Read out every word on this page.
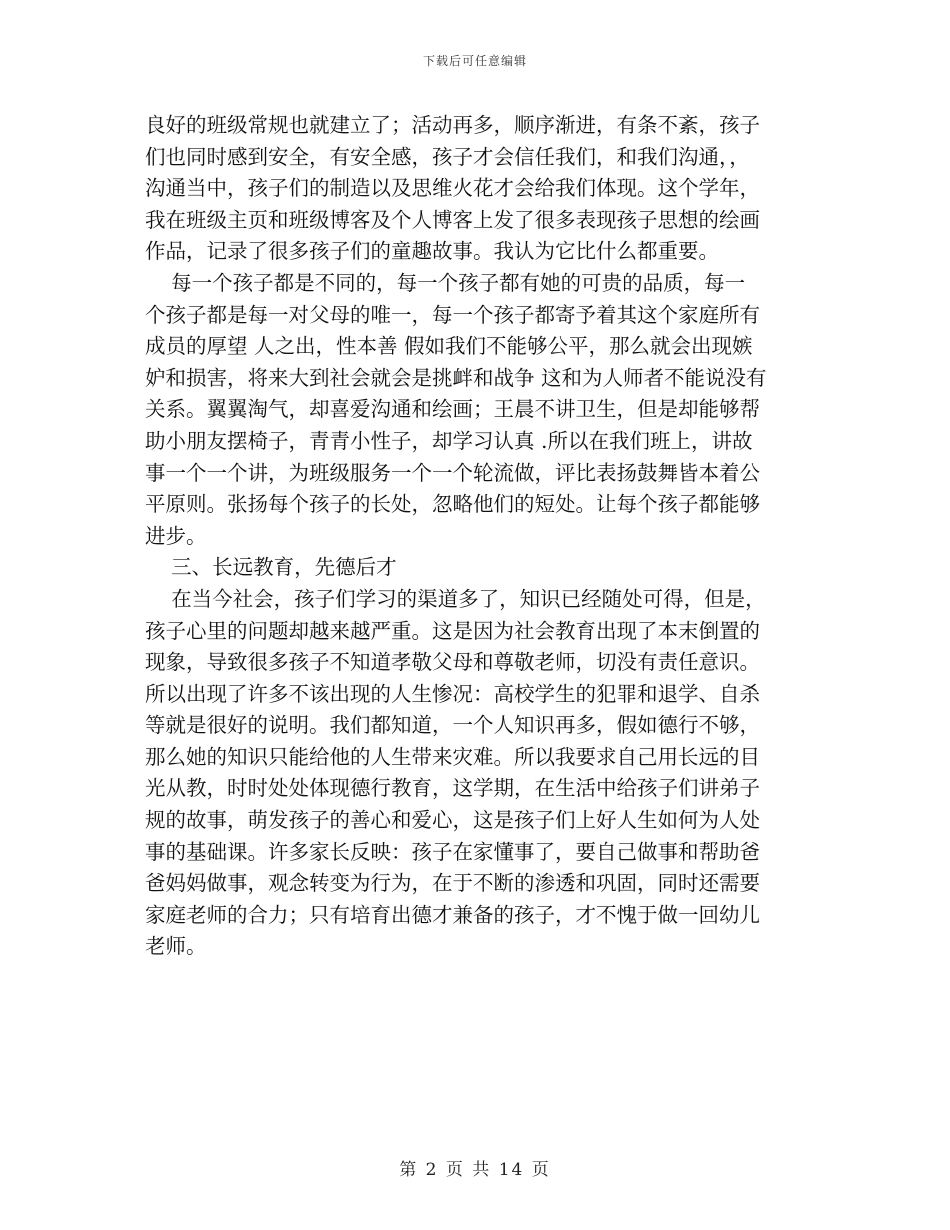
下载后可任意编辑

良好的班级常规也就建立了；活动再多，顺序渐进，有条不紊，孩子
们也同时感到安全，有安全感，孩子才会信任我们，和我们沟通，，
沟通当中，孩子们的制造以及思维火花才会给我们体现。这个学年，
我在班级主页和班级博客及个人博客上发了很多表现孩子思想的绘画
作品，记录了很多孩子们的童趣故事。我认为它比什么都重要。

每一个孩子都是不同的，每一个孩子都有她的可贵的品质，每一
个孩子都是每一对父母的唯一，每一个孩子都寄予着其这个家庭所有
成员的厚望 人之出，性本善 假如我们不能够公平，那么就会出现嫉
妒和损害，将来大到社会就会是挑衅和战争 这和为人师者不能说没有
关系。翼翼淘气，却喜爱沟通和绘画；王晨不讲卫生，但是却能够帮
助小朋友摆椅子，青青小性子，却学习认真 .所以在我们班上，讲故
事一个一个讲，为班级服务一个一个轮流做，评比表扬鼓舞皆本着公
平原则。张扬每个孩子的长处，忽略他们的短处。让每个孩子都能够
进步。

三、长远教育，先德后才

在当今社会，孩子们学习的渠道多了，知识已经随处可得，但是，
孩子心里的问题却越来越严重。这是因为社会教育出现了本末倒置的
现象，导致很多孩子不知道孝敬父母和尊敬老师，切没有责任意识。
所以出现了许多不该出现的人生惨况：高校学生的犯罪和退学、自杀
等就是很好的说明。我们都知道，一个人知识再多，假如德行不够，
那么她的知识只能给他的人生带来灾难。所以我要求自己用长远的目
光从教，时时处处体现德行教育，这学期，在生活中给孩子们讲弟子
规的故事，萌发孩子的善心和爱心，这是孩子们上好人生如何为人处
事的基础课。许多家长反映：孩子在家懂事了，要自己做事和帮助爸
爸妈妈做事，观念转变为行为，在于不断的渗透和巩固，同时还需要
家庭老师的合力；只有培育出德才兼备的孩子，才不愧于做一回幼儿
老师。

第 2 页 共 14 页
